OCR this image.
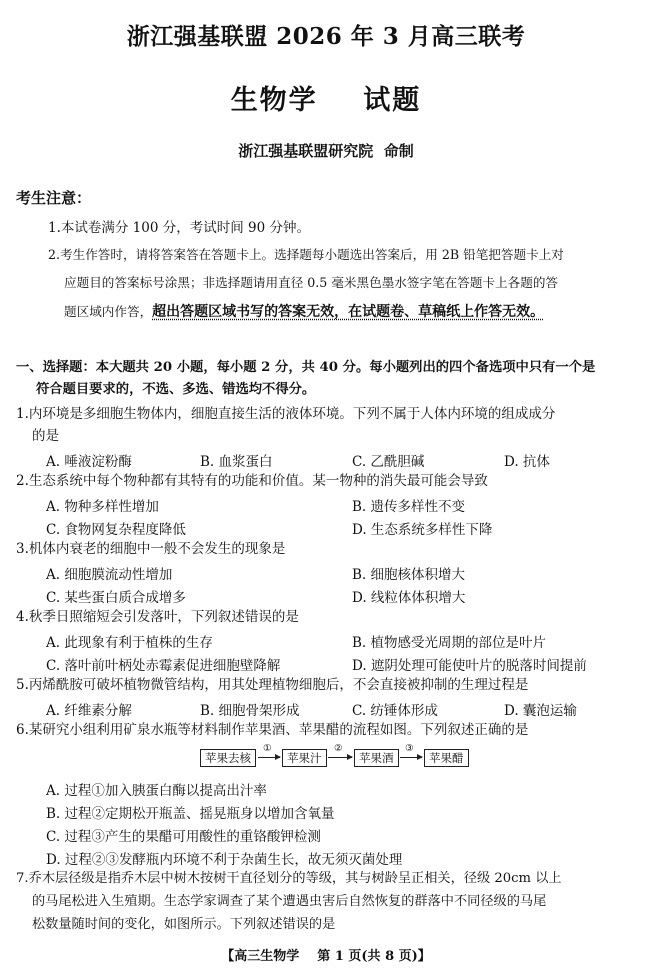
浙江强基联盟 2026 年 3 月高三联考
生物学    试题
浙江强基联盟研究院  命制
考生注意：
1.本试卷满分 100 分，考试时间 90 分钟。
2.考生作答时，请将答案答在答题卡上。选择题每小题选出答案后，用 2B 铅笔把答题卡上对
应题目的答案标号涂黑；非选择题请用直径 0.5 毫米黑色墨水签字笔在答题卡上各题的答
题区域内作答，超出答题区域书写的答案无效，在试题卷、草稿纸上作答无效。
一、选择题：本大题共 20 小题，每小题 2 分，共 40 分。每小题列出的四个备选项中只有一个是
符合题目要求的，不选、多选、错选均不得分。
1.内环境是多细胞生物体内，细胞直接生活的液体环境。下列不属于人体内环境的组成成分
的是
A. 唾液淀粉酶	B. 血浆蛋白	C. 乙酰胆碱	D. 抗体
2.生态系统中每个物种都有其特有的功能和价值。某一物种的消失最可能会导致
A. 物种多样性增加	B. 遗传多样性不变
C. 食物网复杂程度降低	D. 生态系统多样性下降
3.机体内衰老的细胞中一般不会发生的现象是
A. 细胞膜流动性增加	B. 细胞核体积增大
C. 某些蛋白质合成增多	D. 线粒体体积增大
4.秋季日照缩短会引发落叶，下列叙述错误的是
A. 此现象有利于植株的生存	B. 植物感受光周期的部位是叶片
C. 落叶前叶柄处赤霉素促进细胞壁降解	D. 遮阴处理可能使叶片的脱落时间提前
5.丙烯酰胺可破坏植物微管结构，用其处理植物细胞后，不会直接被抑制的生理过程是
A. 纤维素分解	B. 细胞骨架形成	C. 纺锤体形成	D. 囊泡运输
6.某研究小组利用矿泉水瓶等材料制作苹果酒、苹果醋的流程如图。下列叙述正确的是
苹果去核
①
苹果汁
②
苹果酒
③
苹果醋
A. 过程①加入胰蛋白酶以提高出汁率
B. 过程②定期松开瓶盖、摇晃瓶身以增加含氧量
C. 过程③产生的果醋可用酸性的重铬酸钾检测
D. 过程②③发酵瓶内环境不利于杂菌生长，故无须灭菌处理
7.乔木层径级是指乔木层中树木按树干直径划分的等级，其与树龄呈正相关，径级 20cm 以上
的马尾松进入生殖期。生态学家调查了某个遭遇虫害后自然恢复的群落中不同径级的马尾
松数量随时间的变化，如图所示。下列叙述错误的是
【高三生物学    第 1 页(共 8 页)】
